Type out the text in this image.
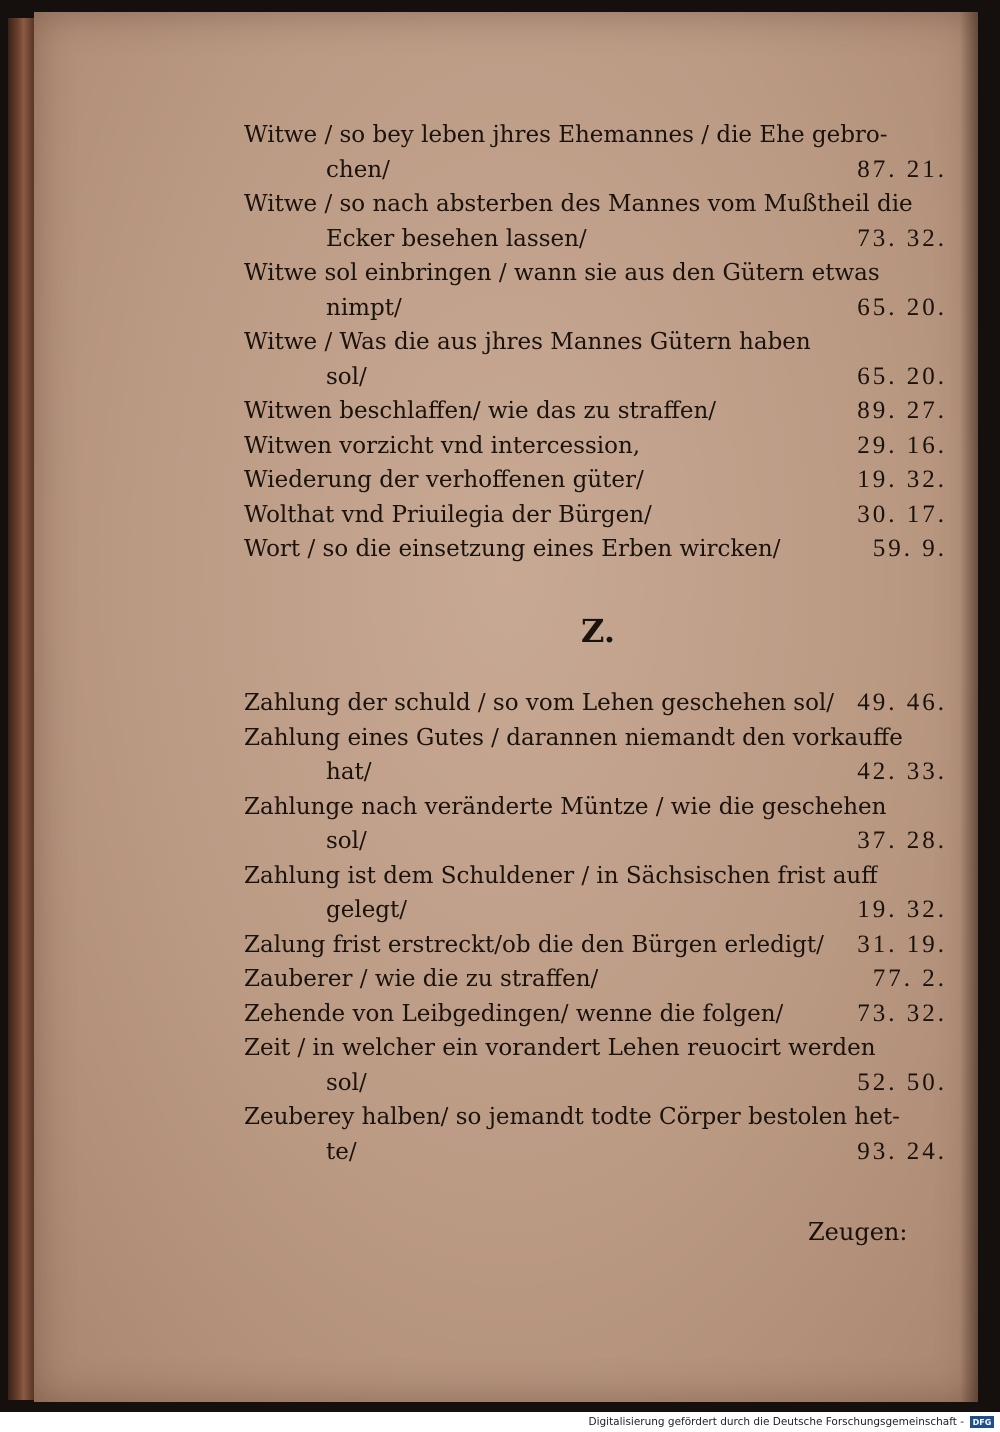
Witwe / so bey leben jhres Ehemannes / die Ehe gebro-
chen/	87. 21.
Witwe / so nach absterben des Mannes vom Mußtheil die
Ecker besehen lassen/	73. 32.
Witwe sol einbringen / wann sie aus den Gütern etwas
nimpt/	65. 20.
Witwe / Was die aus jhres Mannes Gütern haben
sol/	65. 20.
Witwen beschlaffen/ wie das zu straffen/	89. 27.
Witwen vorzicht vnd intercession,	29. 16.
Wiederung der verhoffenen güter/	19. 32.
Wolthat vnd Priuilegia der Bürgen/	30. 17.
Wort / so die einsetzung eines Erben wircken/	59. 9.
Z.
Zahlung der schuld / so vom Lehen geschehen sol/ 49. 46.
Zahlung eines Gutes / darannen niemandt den vorkauffe
hat/	42. 33.
Zahlunge nach veränderte Müntze / wie die geschehen
sol/	37. 28.
Zahlung ist dem Schuldener / in Sächsischen frist auff
gelegt/	19. 32.
Zalung frist erstreckt/ob die den Bürgen erledigt/ 31. 19.
Zauberer / wie die zu straffen/	77. 2.
Zehende von Leibgedingen/ wenne die folgen/	73. 32.
Zeit / in welcher ein vorandert Lehen reuocirt werden
sol/	52. 50.
Zeuberey halben/ so jemandt todte Cörper bestolen het-
te/	93. 24.
Zeugen:
Digitalisierung gefördert durch die Deutsche Forschungsgemeinschaft -	DFG
